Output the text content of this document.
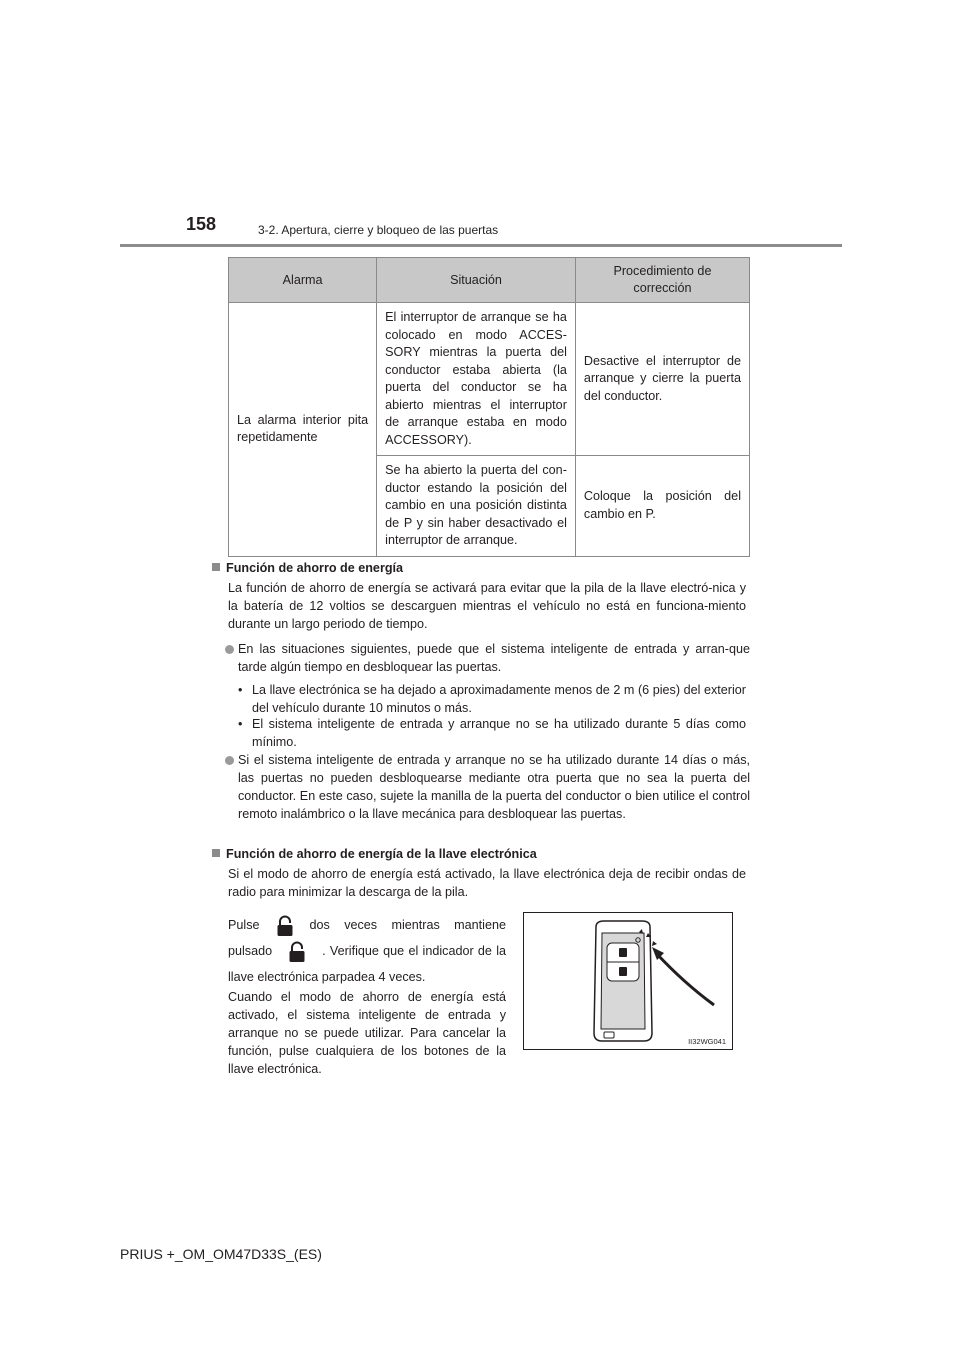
158	3-2. Apertura, cierre y bloqueo de las puertas
Alarma	Situación	Procedimiento de corrección
La alarma interior pita repetidamente	El interruptor de arranque se ha colocado en modo ACCES-SORY mientras la puerta del conductor estaba abierta (la puerta del conductor se ha abierto mientras el interruptor de arranque estaba en modo ACCESSORY).	Desactive el interruptor de arranque y cierre la puerta del conductor.
	Se ha abierto la puerta del con-ductor estando la posición del cambio en una posición distinta de P y sin haber desactivado el interruptor de arranque.	Coloque la posición del cambio en P.
Función de ahorro de energía
La función de ahorro de energía se activará para evitar que la pila de la llave electró-nica y la batería de 12 voltios se descarguen mientras el vehículo no está en funciona-miento durante un largo periodo de tiempo.
En las situaciones siguientes, puede que el sistema inteligente de entrada y arran-que tarde algún tiempo en desbloquear las puertas.
• La llave electrónica se ha dejado a aproximadamente menos de 2 m (6 pies) del exterior del vehículo durante 10 minutos o más.
• El sistema inteligente de entrada y arranque no se ha utilizado durante 5 días como mínimo.
Si el sistema inteligente de entrada y arranque no se ha utilizado durante 14 días o más, las puertas no pueden desbloquearse mediante otra puerta que no sea la puerta del conductor. En este caso, sujete la manilla de la puerta del conductor o bien utilice el control remoto inalámbrico o la llave mecánica para desbloquear las puertas.
Función de ahorro de energía de la llave electrónica
Si el modo de ahorro de energía está activado, la llave electrónica deja de recibir ondas de radio para minimizar la descarga de la pila.
Pulse	dos veces mientras mantiene pulsado	. Verifique que el indicador de la llave electrónica parpadea 4 veces.
Cuando el modo de ahorro de energía está activado, el sistema inteligente de entrada y arranque no se puede utilizar. Para cancelar la función, pulse cualquiera de los botones de la llave electrónica.
II32WG041
PRIUS +_OM_OM47D33S_(ES)
